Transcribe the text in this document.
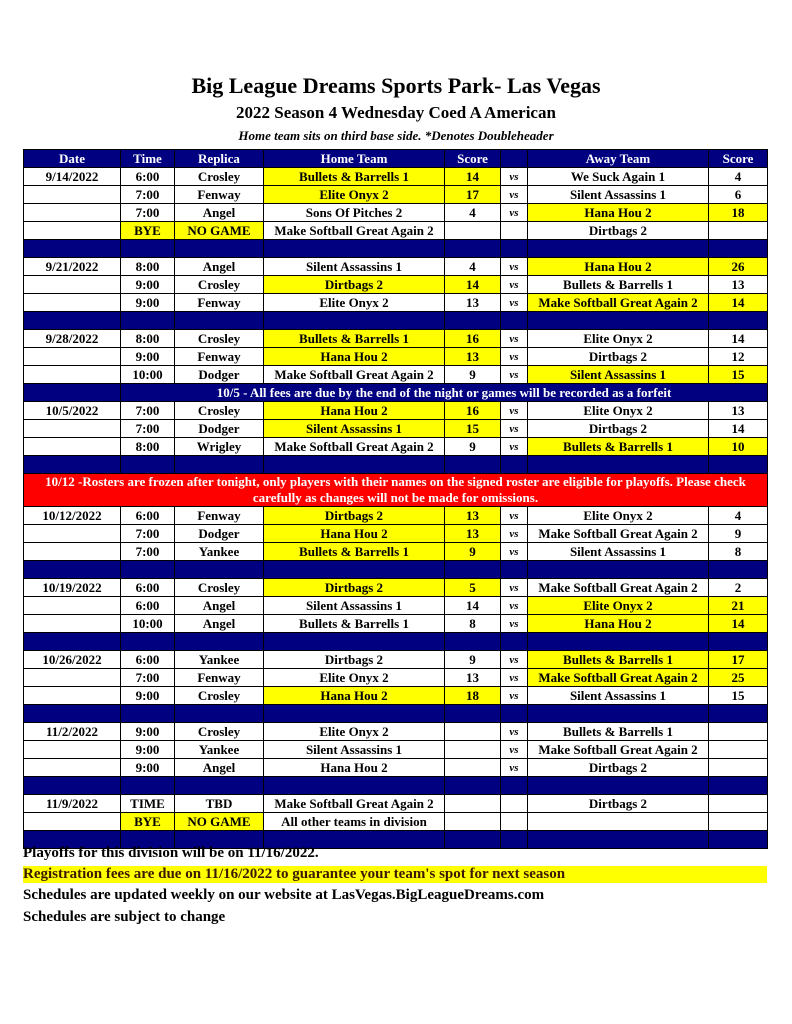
Big League Dreams Sports Park- Las Vegas
2022 Season 4 Wednesday Coed A American
Home team sits on third base side. *Denotes Doubleheader
Date	Time	Replica	Home Team	Score		Away Team	Score
9/14/2022	6:00	Crosley	Bullets & Barrells 1	14	vs	We Suck Again 1	4
	7:00	Fenway	Elite Onyx 2	17	vs	Silent Assassins 1	6
	7:00	Angel	Sons Of Pitches 2	4	vs	Hana Hou 2	18
	BYE	NO GAME	Make Softball Great Again 2			Dirtbags 2	

9/21/2022	8:00	Angel	Silent Assassins 1	4	vs	Hana Hou 2	26
	9:00	Crosley	Dirtbags 2	14	vs	Bullets & Barrells 1	13
	9:00	Fenway	Elite Onyx 2	13	vs	Make Softball Great Again 2	14

9/28/2022	8:00	Crosley	Bullets & Barrells 1	16	vs	Elite Onyx 2	14
	9:00	Fenway	Hana Hou 2	13	vs	Dirtbags 2	12
	10:00	Dodger	Make Softball Great Again 2	9	vs	Silent Assassins 1	15
	10/5 - All fees are due by the end of the night or games will be recorded as a forfeit						
10/5/2022	7:00	Crosley	Hana Hou 2	16	vs	Elite Onyx 2	13
	7:00	Dodger	Silent Assassins 1	15	vs	Dirtbags 2	14
	8:00	Wrigley	Make Softball Great Again 2	9	vs	Bullets & Barrells 1	10

10/12 -Rosters are frozen after tonight, only players with their names on the signed roster are eligible for playoffs. Please check carefully as changes will not be made for omissions.							
10/12/2022	6:00	Fenway	Dirtbags 2	13	vs	Elite Onyx 2	4
	7:00	Dodger	Hana Hou 2	13	vs	Make Softball Great Again 2	9
	7:00	Yankee	Bullets & Barrells 1	9	vs	Silent Assassins 1	8

10/19/2022	6:00	Crosley	Dirtbags 2	5	vs	Make Softball Great Again 2	2
	6:00	Angel	Silent Assassins 1	14	vs	Elite Onyx 2	21
	10:00	Angel	Bullets & Barrells 1	8	vs	Hana Hou 2	14

10/26/2022	6:00	Yankee	Dirtbags 2	9	vs	Bullets & Barrells 1	17
	7:00	Fenway	Elite Onyx 2	13	vs	Make Softball Great Again 2	25
	9:00	Crosley	Hana Hou 2	18	vs	Silent Assassins 1	15

11/2/2022	9:00	Crosley	Elite Onyx 2		vs	Bullets & Barrells 1	
	9:00	Yankee	Silent Assassins 1		vs	Make Softball Great Again 2	
	9:00	Angel	Hana Hou 2		vs	Dirtbags 2	

11/9/2022	TIME	TBD	Make Softball Great Again 2			Dirtbags 2	
	BYE	NO GAME	All other teams in division				

Playoffs for this division will be on 11/16/2022.
Registration fees are due on 11/16/2022 to guarantee your team's spot for next season
Schedules are updated weekly on our website at LasVegas.BigLeagueDreams.com
Schedules are subject to change
